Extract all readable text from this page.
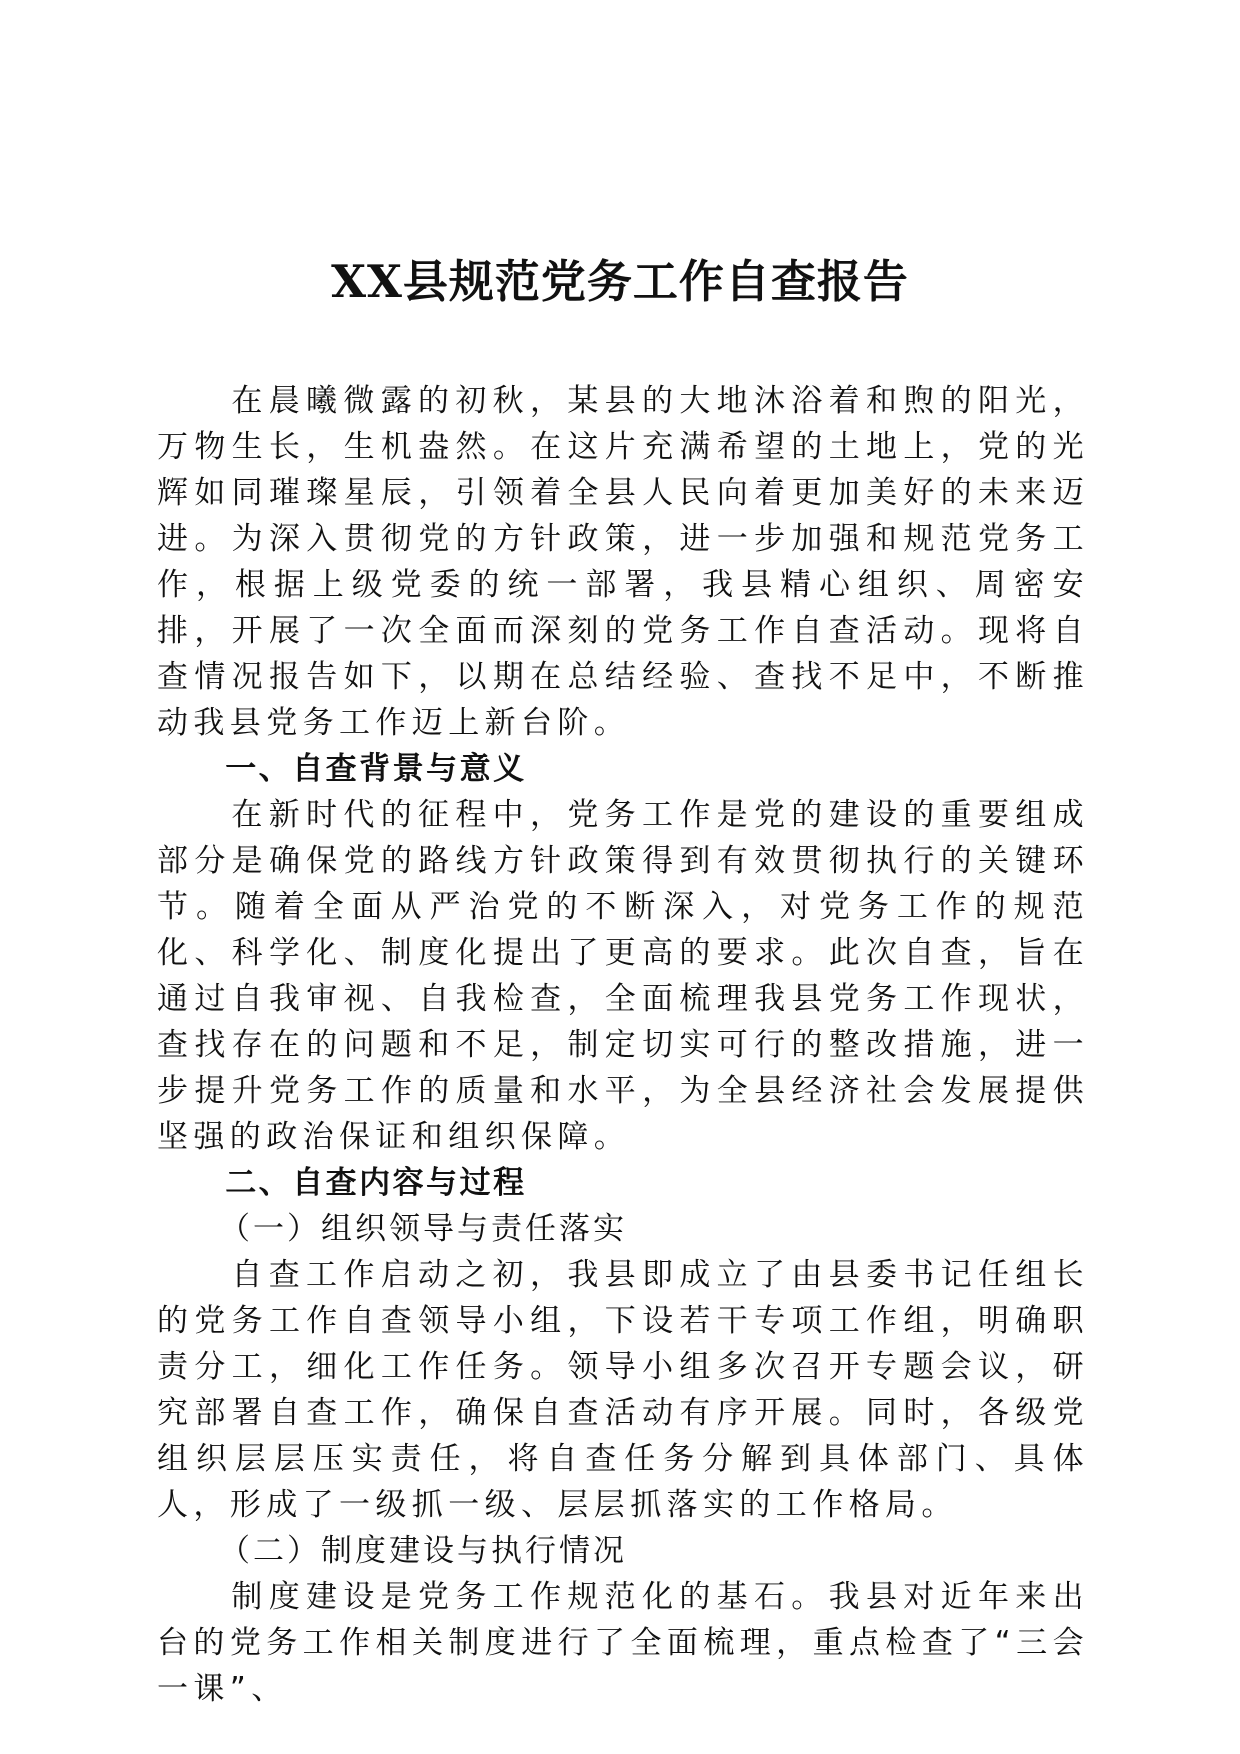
XX县规范党务工作自查报告

在晨曦微露的初秋，某县的大地沐浴着和煦的阳光，万物生长，生机盎然。在这片充满希望的土地上，党的光辉如同璀璨星辰，引领着全县人民向着更加美好的未来迈进。为深入贯彻党的方针政策，进一步加强和规范党务工作，根据上级党委的统一部署，我县精心组织、周密安排，开展了一次全面而深刻的党务工作自查活动。现将自查情况报告如下，以期在总结经验、查找不足中，不断推动我县党务工作迈上新台阶。

一、自查背景与意义

在新时代的征程中，党务工作是党的建设的重要组成部分是确保党的路线方针政策得到有效贯彻执行的关键环节。随着全面从严治党的不断深入，对党务工作的规范化、科学化、制度化提出了更高的要求。此次自查，旨在通过自我审视、自我检查，全面梳理我县党务工作现状，查找存在的问题和不足，制定切实可行的整改措施，进一步提升党务工作的质量和水平，为全县经济社会发展提供坚强的政治保证和组织保障。

二、自查内容与过程
（一）组织领导与责任落实

自查工作启动之初，我县即成立了由县委书记任组长的党务工作自查领导小组，下设若干专项工作组，明确职责分工，细化工作任务。领导小组多次召开专题会议，研究部署自查工作，确保自查活动有序开展。同时，各级党组织层层压实责任，将自查任务分解到具体部门、具体人，形成了一级抓一级、层层抓落实的工作格局。

（二）制度建设与执行情况

制度建设是党务工作规范化的基石。我县对近年来出台的党务工作相关制度进行了全面梳理，重点检查了“三会一课”、
